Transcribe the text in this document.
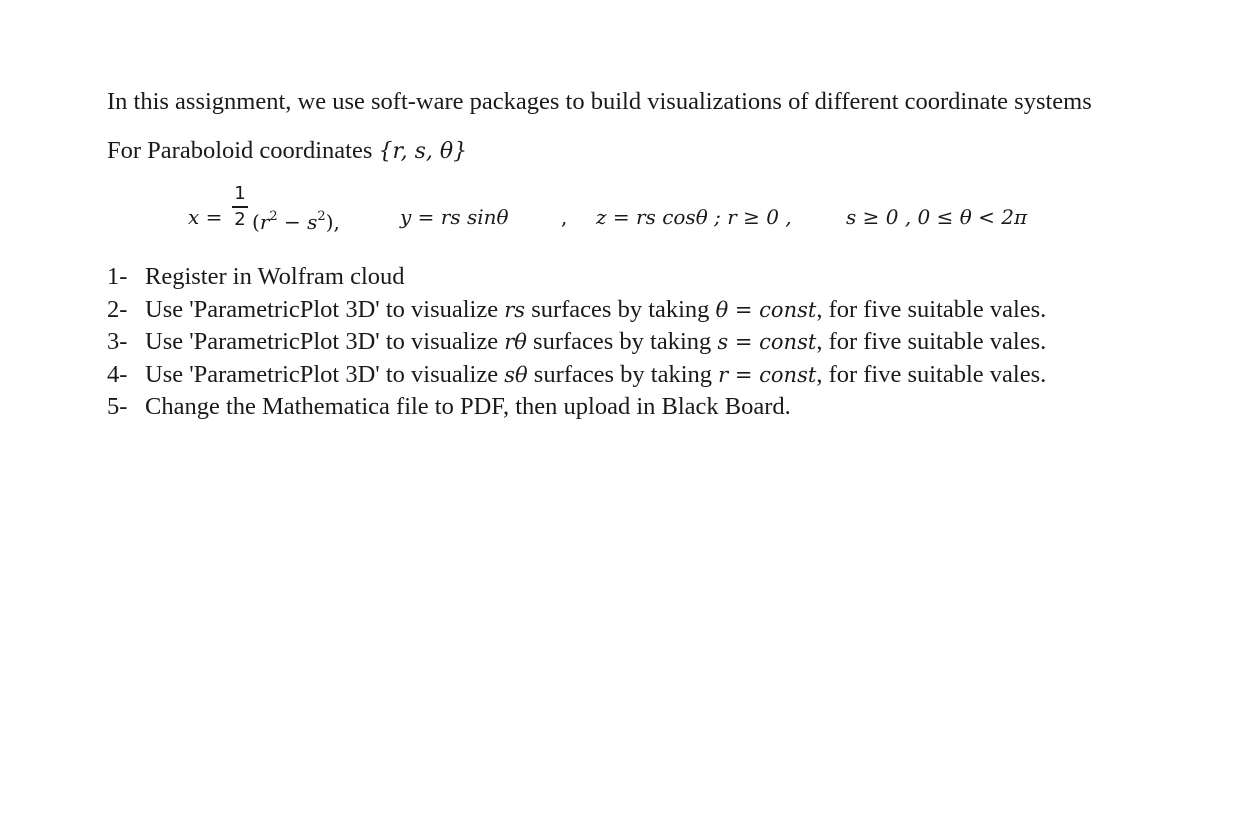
In this assignment, we use soft-ware packages to build visualizations of different coordinate systems
For Paraboloid coordinates {r, s, θ}
x =
1
2 $(r^2 - s^2)$,	y = rs sinθ	, z = rs cosθ ; r ≥ 0 ,	s ≥ 0 , 0 ≤ θ < 2π
1- Register in Wolfram cloud
2- Use 'ParametricPlot 3D' to visualize rs surfaces by taking θ = const, for five suitable vales.
3- Use 'ParametricPlot 3D' to visualize rθ surfaces by taking s = const, for five suitable vales.
4- Use 'ParametricPlot 3D' to visualize sθ surfaces by taking r = const, for five suitable vales.
5- Change the Mathematica file to PDF, then upload in Black Board.
